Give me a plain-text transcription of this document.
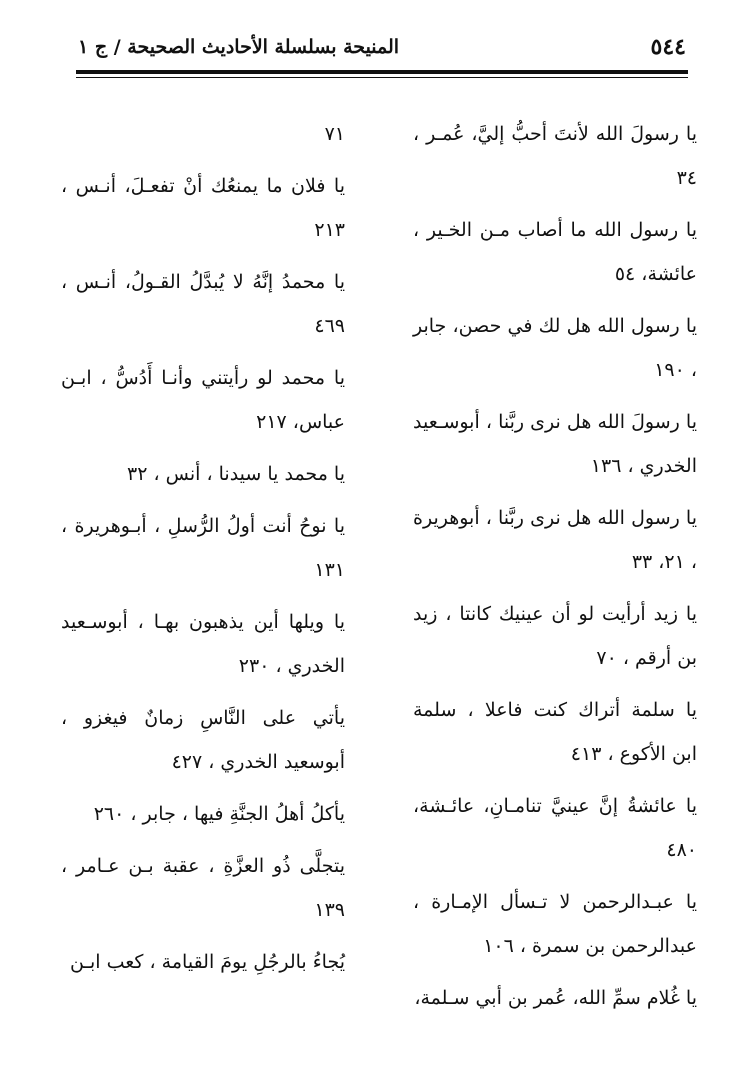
٥٤٤
المنيحة بسلسلة الأحاديث الصحيحة / ج ١

يا رسولَ الله لأنتَ أحبُّ إليَّ، عُمـر ، ٣٤

يا رسول الله ما أصاب مـن الخـير ، عائشة، ٥٤

يا رسول الله هل لك في حصن، جابر ، ١٩٠

يا رسولَ الله هل نرى ربَّنا ، أبوسـعيد الخدري ، ١٣٦

يا رسول الله هل نرى ربَّنا ، أبوهريرة ، ٢١، ٣٣

يا زيد أرأيت لو أن عينيك كانتا ، زيد بن أرقم ، ٧٠

يا سلمة أتراك كنت فاعلا ، سلمة ابن الأكوع ، ٤١٣

يا عائشةُ إنَّ عينيَّ تنامـانِ، عائـشة، ٤٨٠

يا عبـدالرحمن لا تـسأل الإمـارة ، عبدالرحمن بن سمرة ، ١٠٦

يا غُلام سمِّ الله، عُمر بن أبي سـلمة،

٧١

يا فلان ما يمنعُك أنْ تفعـلَ، أنـس ، ٢١٣

يا محمدُ إنَّهُ لا يُبدَّلُ القـولُ، أنـس ، ٤٦٩

يا محمد لو رأيتني وأنـا أَدُسُّ ، ابـن عباس، ٢١٧

يا محمد يا سيدنا ، أنس ، ٣٢

يا نوحُ أنت أولُ الرُّسلِ ، أبـوهريرة ، ١٣١

يا ويلها أين يذهبون بهـا ، أبوسـعيد الخدري ، ٢٣٠

يأتي على النَّاسِ زمانٌ فيغزو ، أبوسعيد الخدري ، ٤٢٧

يأكلُ أهلُ الجنَّةِ فيها ، جابر ، ٢٦٠

يتجلَّى ذُو العزَّةِ ، عقبة بـن عـامر ، ١٣٩

يُجاءُ بالرجُلِ يومَ القيامة ، كعب ابـن
